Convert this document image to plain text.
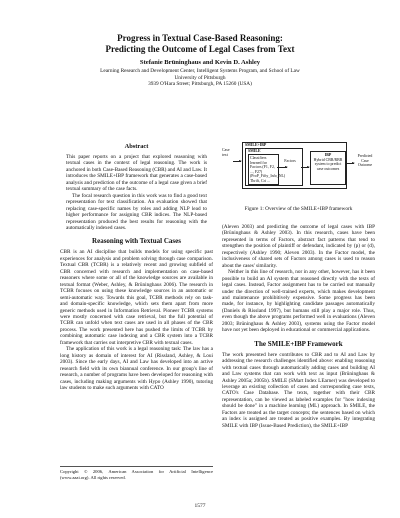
Progress in Textual Case-Based Reasoning:
Predicting the Outcome of Legal Cases from Text
Stefanie Brüninghaus and Kevin D. Ashley
Learning Research and Development Center, Intelligent Systems Program, and School of Law
University of Pittsburgh
3939 O'Hara Street; Pittsburgh, PA 15260 (USA)
Abstract

This paper reports on a project that explored reasoning with textual cases in the context of legal reasoning. The work is anchored in both Case-Based Reasoning (CBR) and AI and Law. It introduces the SMILE+IBP framework that generates a case-based analysis and prediction of the outcome of a legal case given a brief textual summary of the case facts.

The focal research question in this work was to find a good text representation for text classification. An evaluation showed that replacing case-specific names by roles and adding NLP lead to higher performance for assigning CBR indices. The NLP-based representation produced the best results for reasoning with the automatically indexed cases.

Reasoning with Textual Cases

CBR is an AI discipline that builds models for using specific past experiences for analysis and problem solving through case comparison. Textual CBR (TCBR) is a relatively recent and growing subfield of CBR concerned with research and implementation on case-based reasoners where some or all of the knowledge sources are available in textual format (Weber, Ashley, & Brüninghaus 2006). The research in TCBR focuses on using these knowledge sources in an automatic or semi-automatic way. Towards this goal, TCBR methods rely on task- and domain-specific knowledge, which sets them apart from more generic methods used in Information Retrieval. Pioneer TCBR systems were mostly concerned with case retrieval, but the full potential of TCBR can unfold when text cases are used in all phases of the CBR process. The work presented here has pushed the limits of TCBR by combining automatic case indexing and a CBR system into a TCBR framework that carries out interpretive CBR with textual cases.

The application of this work is a legal reasoning task: The law has a long history as domain of interest for AI (Rissland, Ashley, & Loui 2003). Since the early days, AI and Law has developed into an active research field with its own biannual conference. In our group's line of research, a number of programs have been developed for reasoning with cases, including making arguments with Hypo (Ashley 1990), tutoring law students to make such arguments with CATO

Copyright © 2006, American Association for Artificial Intelligence (www.aaai.org). All rights reserved.
Case text
SMILE+IBP
SMILE
Classifiers learned for Factors (F1, F2, ..., F27)
(ProP_Fifty_Info_NL) Thrift, Cri ...
Factors
IBP
Hybrid CBR/RBR system to predict case outcomes
Predicted Case Outcome
Figure 1: Overview of the SMILE+IBP framework

(Aleven 2003) and predicting the outcome of legal cases with IBP (Brüninghaus & Ashley 2003). In this research, cases have been represented in terms of Factors, abstract fact patterns that tend to strengthen the position of plaintiff or defendant, indicated by (p) or (d), respectively (Ashley 1990; Aleven 2003). In the Factor model, the inclusiveness of shared sets of Factors among cases is used to reason about the cases' similarity.

Neither in this line of research, nor in any other, however, has it been possible to build an AI system that reasoned directly with the texts of legal cases. Instead, Factor assignment has to be carried out manually under the direction of well-trained experts, which makes development and maintenance prohibitively expensive. Some progress has been made, for instance, by highlighting candidate passages automatically (Daniels & Rissland 1997), but humans still play a major role. Thus, even though the above programs performed well in evaluations (Aleven 2003; Brüninghaus & Ashley 2003), systems using the Factor model have not yet been deployed in educational or commercial applications.

The SMILE+IBP Framework

The work presented here contributes to CBR and to AI and Law by addressing the research challenges identified above: enabling reasoning with textual cases through automatically adding cases and building AI and Law systems that can work with text as input (Brüninghaus & Ashley 2005a; 2005b). SMILE (SMart Index LEarner) was developed to leverage an existing collection of cases and corresponding case texts, CATO's Case Database. The texts, together with their CBR representation, can be viewed as labeled examples for "how indexing should be done" in a machine learning (ML) approach. In SMILE, the Factors are treated as the target concepts; the sentences based on which an index is assigned are treated as positive examples. By integrating SMILE with IBP (Issue-Based Prediction), the SMILE+IBP

1577
